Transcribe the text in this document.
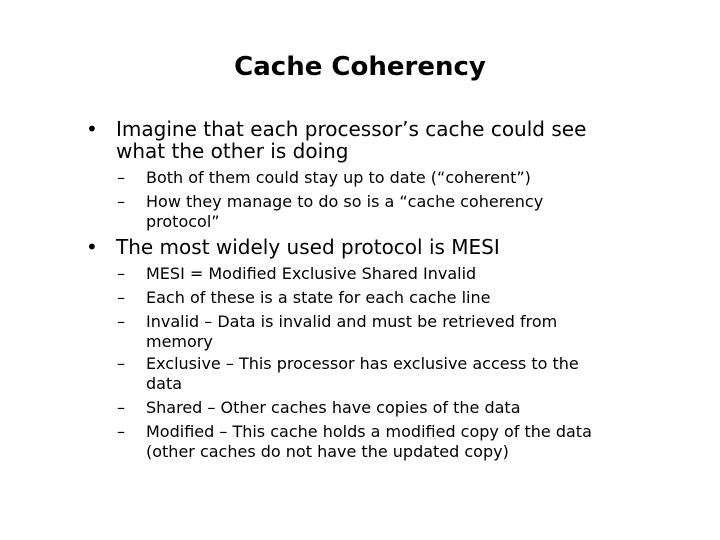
Cache Coherency
• Imagine that each processor’s cache could see
what the other is doing
– Both of them could stay up to date (“coherent”)
– How they manage to do so is a “cache coherency
protocol”
• The most widely used protocol is MESI
– MESI = Modified Exclusive Shared Invalid
– Each of these is a state for each cache line
– Invalid – Data is invalid and must be retrieved from
memory
– Exclusive – This processor has exclusive access to the
data
– Shared – Other caches have copies of the data
– Modified – This cache holds a modified copy of the data
(other caches do not have the updated copy)
